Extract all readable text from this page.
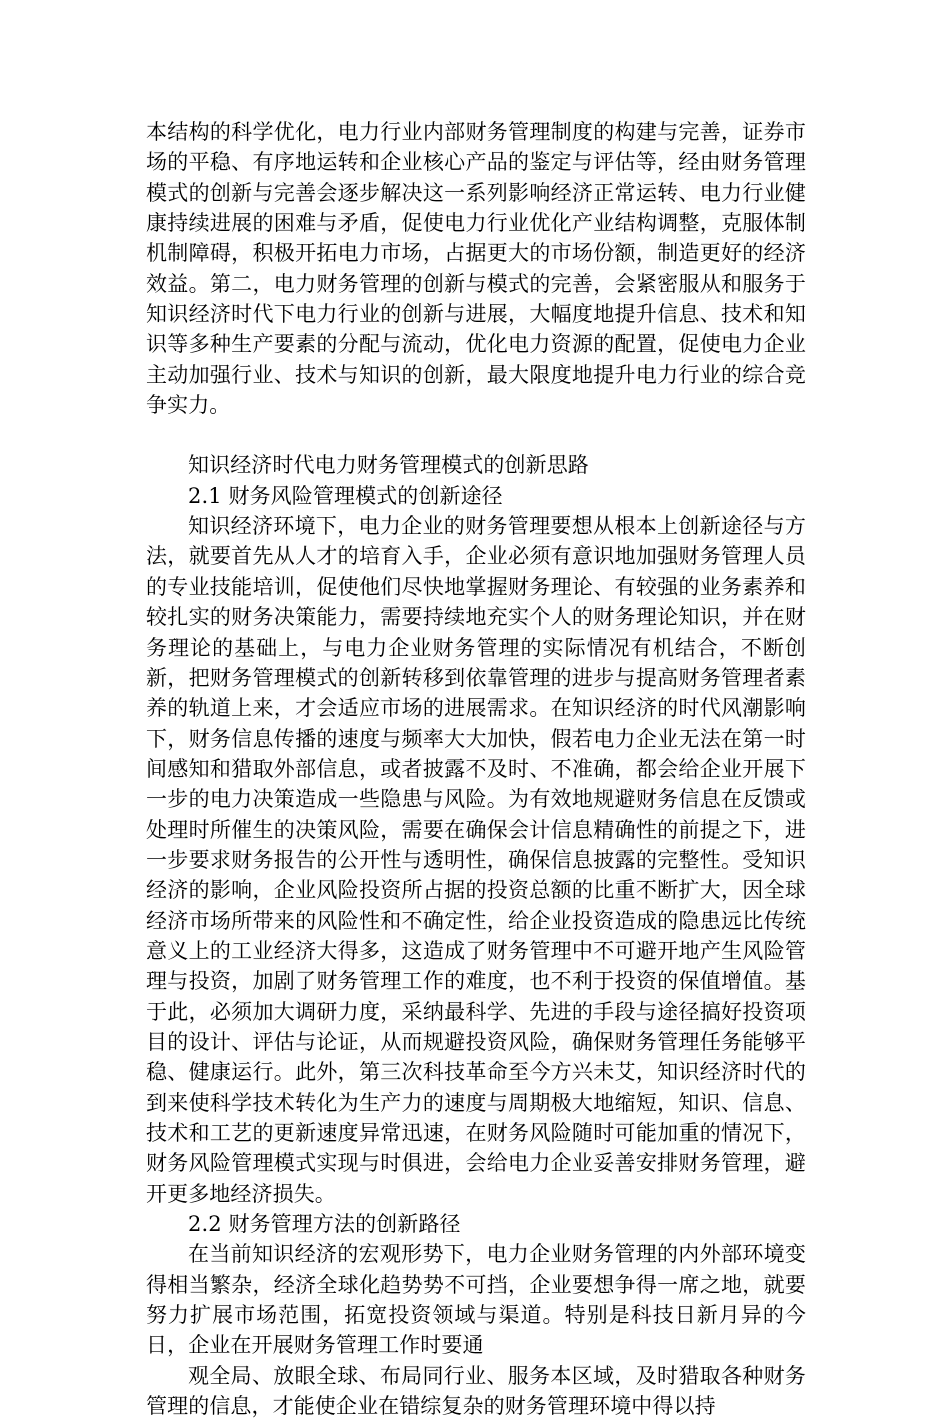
本结构的科学优化，电力行业内部财务管理制度的构建与完善，证券市场的平稳、有序地运转和企业核心产品的鉴定与评估等，经由财务管理模式的创新与完善会逐步解决这一系列影响经济正常运转、电力行业健康持续进展的困难与矛盾，促使电力行业优化产业结构调整，克服体制机制障碍，积极开拓电力市场，占据更大的市场份额，制造更好的经济效益。第二，电力财务管理的创新与模式的完善，会紧密服从和服务于知识经济时代下电力行业的创新与进展，大幅度地提升信息、技术和知识等多种生产要素的分配与流动，优化电力资源的配置，促使电力企业主动加强行业、技术与知识的创新，最大限度地提升电力行业的综合竞争实力。

知识经济时代电力财务管理模式的创新思路

2.1 财务风险管理模式的创新途径

知识经济环境下，电力企业的财务管理要想从根本上创新途径与方法，就要首先从人才的培育入手，企业必须有意识地加强财务管理人员的专业技能培训，促使他们尽快地掌握财务理论、有较强的业务素养和较扎实的财务决策能力，需要持续地充实个人的财务理论知识，并在财务理论的基础上，与电力企业财务管理的实际情况有机结合，不断创新，把财务管理模式的创新转移到依靠管理的进步与提高财务管理者素养的轨道上来，才会适应市场的进展需求。在知识经济的时代风潮影响下，财务信息传播的速度与频率大大加快，假若电力企业无法在第一时间感知和猎取外部信息，或者披露不及时、不准确，都会给企业开展下一步的电力决策造成一些隐患与风险。为有效地规避财务信息在反馈或处理时所催生的决策风险，需要在确保会计信息精确性的前提之下，进一步要求财务报告的公开性与透明性，确保信息披露的完整性。受知识经济的影响，企业风险投资所占据的投资总额的比重不断扩大，因全球经济市场所带来的风险性和不确定性，给企业投资造成的隐患远比传统意义上的工业经济大得多，这造成了财务管理中不可避开地产生风险管理与投资，加剧了财务管理工作的难度，也不利于投资的保值增值。基于此，必须加大调研力度，采纳最科学、先进的手段与途径搞好投资项目的设计、评估与论证，从而规避投资风险，确保财务管理任务能够平稳、健康运行。此外，第三次科技革命至今方兴未艾，知识经济时代的到来使科学技术转化为生产力的速度与周期极大地缩短，知识、信息、技术和工艺的更新速度异常迅速，在财务风险随时可能加重的情况下，财务风险管理模式实现与时俱进，会给电力企业妥善安排财务管理，避开更多地经济损失。

2.2 财务管理方法的创新路径

在当前知识经济的宏观形势下，电力企业财务管理的内外部环境变得相当繁杂，经济全球化趋势势不可挡，企业要想争得一席之地，就要努力扩展市场范围，拓宽投资领域与渠道。特别是科技日新月异的今日，企业在开展财务管理工作时要通

观全局、放眼全球、布局同行业、服务本区域，及时猎取各种财务管理的信息，才能使企业在错综复杂的财务管理环境中得以持
